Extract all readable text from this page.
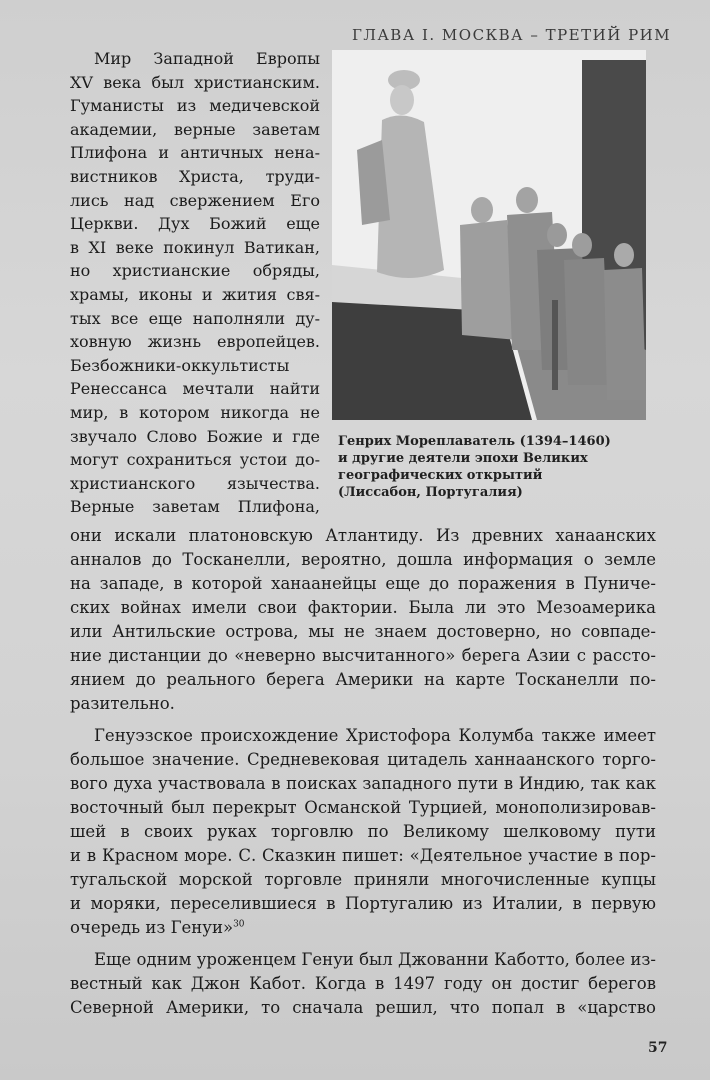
ГЛАВА I. МОСКВА – ТРЕТИЙ РИМ
Генрих Мореплаватель (1394–1460)
и другие деятели эпохи Великих
географических открытий
(Лиссабон, Португалия)
Мир Западной Европы
XV века был христианским.
Гуманисты из медичевской
академии, верные заветам
Плифона и античных нена-
вистников Христа, труди-
лись над свержением Его
Церкви. Дух Божий еще
в XI веке покинул Ватикан,
но христианские обряды,
храмы, иконы и жития свя-
тых все еще наполняли ду-
ховную жизнь европейцев.
Безбожники-оккультисты
Ренессанса мечтали найти
мир, в котором никогда не
звучало Слово Божие и где
могут сохраниться устои до-
христианского язычества.
Верные заветам Плифона,
они искали платоновскую Атлантиду. Из древних ханаанских
анналов до Тосканелли, вероятно, дошла информация о земле
на западе, в которой ханаанейцы еще до поражения в Пуниче-
ских войнах имели свои фактории. Была ли это Мезоамерика
или Антильские острова, мы не знаем достоверно, но совпаде-
ние дистанции до «неверно высчитанного» берега Азии с рассто-
янием до реального берега Америки на карте Тосканелли по-
разительно.
Генуэзское происхождение Христофора Колумба также имеет
большое значение. Средневековая цитадель ханнаанского торго-
вого духа участвовала в поисках западного пути в Индию, так как
восточный был перекрыт Османской Турцией, монополизировав-
шей в своих руках торговлю по Великому шелковому пути
и в Красном море. С. Сказкин пишет: «Деятельное участие в пор-
тугальской морской торговле приняли многочисленные купцы
и моряки, переселившиеся в Португалию из Италии, в первую
очередь из Генуи»$^{30}$
Еще одним уроженцем Генуи был Джованни Каботто, более из-
вестный как Джон Кабот. Когда в 1497 году он достиг берегов
Северной Америки, то сначала решил, что попал в «царство
57
